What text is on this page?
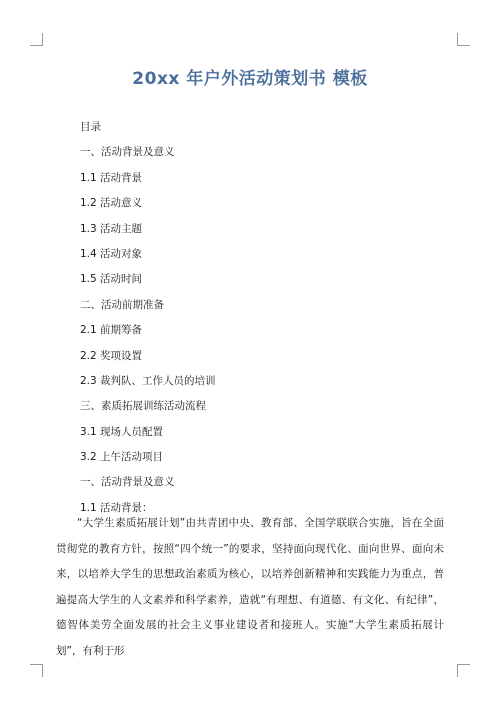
20xx 年户外活动策划书 模板
目录
一、活动背景及意义
1.1 活动背景
1.2 活动意义
1.3 活动主题
1.4 活动对象
1.5 活动时间
二、活动前期准备
2.1 前期筹备
2.2 奖项设置
2.3 裁判队、工作人员的培训
三、素质拓展训练活动流程
3.1 现场人员配置
3.2 上午活动项目
一、活动背景及意义
1.1 活动背景：

“大学生素质拓展计划”由共青团中央、教育部、全国学联联合实施，旨在全面贯彻党的教育方针，按照“四个统一”的要求，坚持面向现代化、面向世界、面向未来，以培养大学生的思想政治素质为核心，以培养创新精神和实践能力为重点，普遍提高大学生的人文素养和科学素养，造就“有理想、有道德、有文化、有纪律”，德智体美劳全面发展的社会主义事业建设者和接班人。实施“大学生素质拓展计划”，有利于形
